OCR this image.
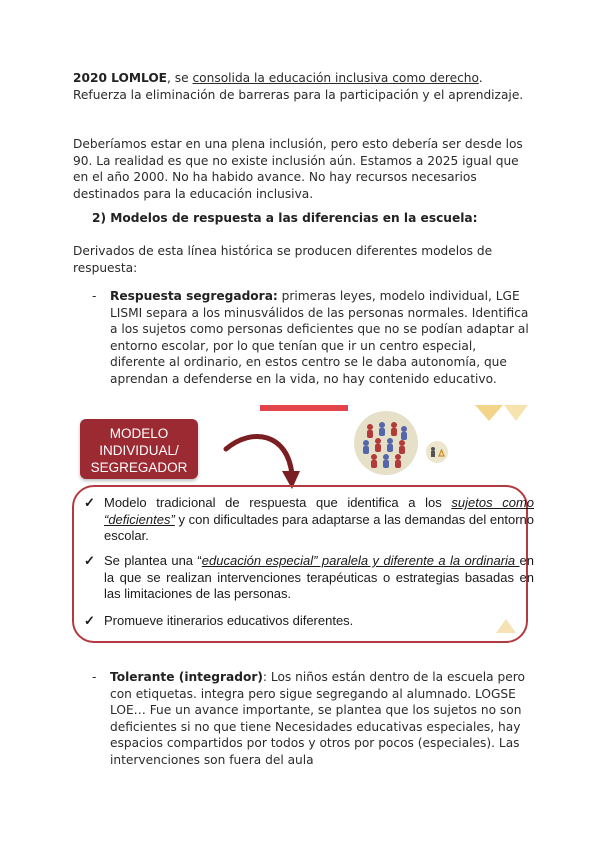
2020 LOMLOE, se consolida la educación inclusiva como derecho. Refuerza la eliminación de barreras para la participación y el aprendizaje.

Deberíamos estar en una plena inclusión, pero esto debería ser desde los 90. La realidad es que no existe inclusión aún. Estamos a 2025 igual que en el año 2000. No ha habido avance. No hay recursos necesarios destinados para la educación inclusiva.

2) Modelos de respuesta a las diferencias en la escuela:

Derivados de esta línea histórica se producen diferentes modelos de respuesta:

- Respuesta segregadora: primeras leyes, modelo individual, LGE LISMI separa a los minusválidos de las personas normales. Identifica a los sujetos como personas deficientes que no se podían adaptar al entorno escolar, por lo que tenían que ir un centro especial, diferente al ordinario, en estos centro se le daba autonomía, que aprendan a defenderse en la vida, no hay contenido educativo.
MODELO
INDIVIDUAL/
SEGREGADOR
✓ Modelo tradicional de respuesta que identifica a los sujetos como “deficientes” y con dificultades para adaptarse a las demandas del entorno escolar.
✓ Se plantea una “educación especial” paralela y diferente a la ordinaria en la que se realizan intervenciones terapéuticas o estrategias basadas en las limitaciones de las personas.
✓ Promueve itinerarios educativos diferentes.
- Tolerante (integrador): Los niños están dentro de la escuela pero con etiquetas. integra pero sigue segregando al alumnado. LOGSE LOE… Fue un avance importante, se plantea que los sujetos no son deficientes si no que tiene Necesidades educativas especiales, hay espacios compartidos por todos y otros por pocos (especiales). Las intervenciones son fuera del aula
